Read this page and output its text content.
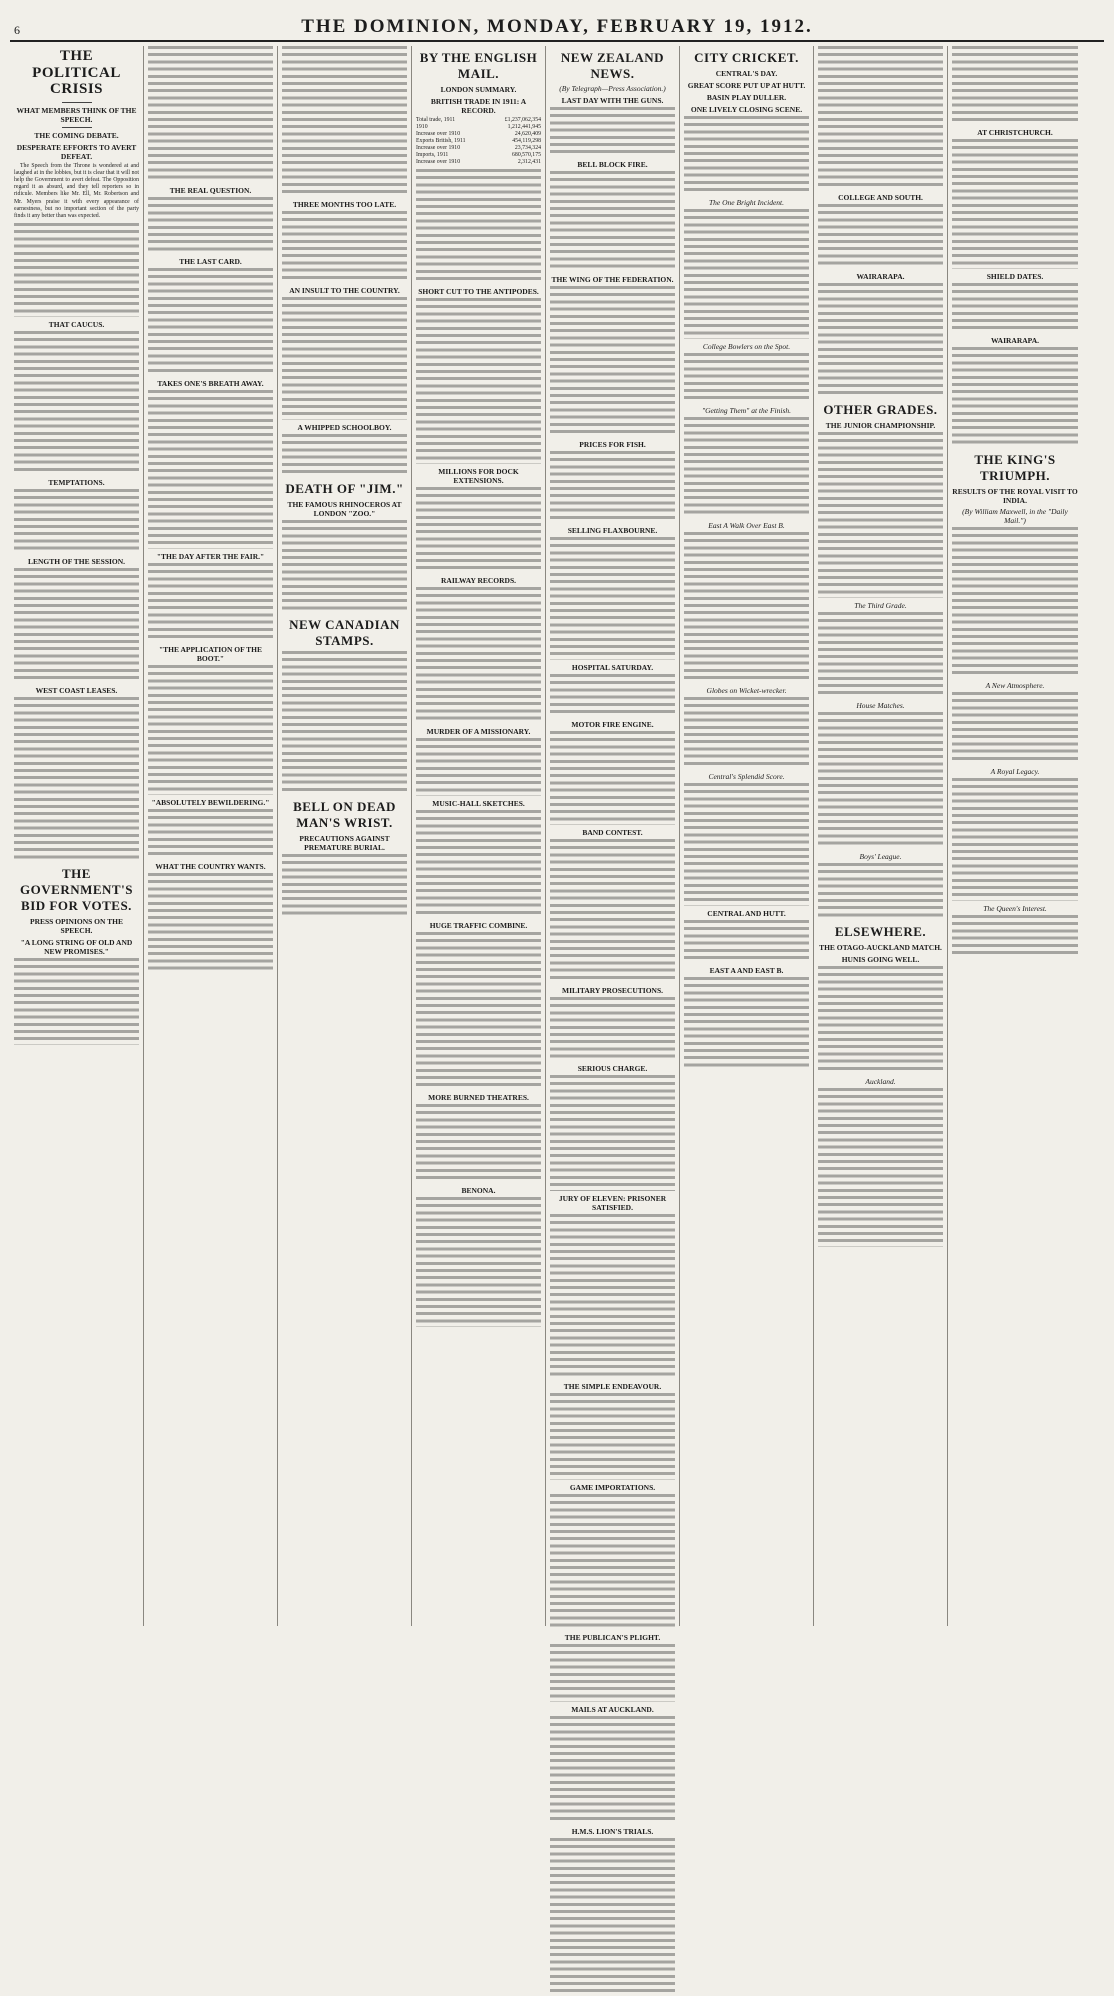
6	THE DOMINION, MONDAY, FEBRUARY 19, 1912.
THE POLITICAL CRISIS
WHAT MEMBERS THINK OF THE SPEECH.
THE COMING DEBATE.
DESPERATE EFFORTS TO AVERT DEFEAT.

The Speech from the Throne is wondered at and laughed at in the lobbies, but it is clear that it will not help the Government to avert defeat. The Opposition regard it as absurd, and they tell reporters so in ridicule. Members like Mr. Ell, Mr. Robertson and Mr. Myers praise it with every appearance of earnestness, but no important section of the party finds it any better than was expected.

THAT CAUCUS.

TEMPTATIONS.

LENGTH OF THE SESSION.

WEST COAST LEASES.

THE GOVERNMENT'S BID FOR VOTES.
PRESS OPINIONS ON THE SPEECH.
"A LONG STRING OF OLD AND NEW PROMISES."

THE REAL QUESTION.

THE LAST CARD.

TAKES ONE'S BREATH AWAY.

"THE DAY AFTER THE FAIR."

"THE APPLICATION OF THE BOOT."

"ABSOLUTELY BEWILDERING."

WHAT THE COUNTRY WANTS.

THREE MONTHS TOO LATE.

AN INSULT TO THE COUNTRY.

A WHIPPED SCHOOLBOY.

DEATH OF "JIM."
THE FAMOUS RHINOCEROS AT LONDON "ZOO."

NEW CANADIAN STAMPS.

BELL ON DEAD MAN'S WRIST.
PRECAUTIONS AGAINST PREMATURE BURIAL.

BY THE ENGLISH MAIL.
LONDON SUMMARY.
BRITISH TRADE IN 1911: A RECORD.
Total trade, 1911	£1,237,062,354
1910	1,212,441,945
Increase over 1910	24,620,409
Exports British, 1911	454,119,298
Increase over 1910	23,734,324
Imports, 1911	680,570,175
Increase over 1910	2,312,431

SHORT CUT TO THE ANTIPODES.

MILLIONS FOR DOCK EXTENSIONS.

RAILWAY RECORDS.

MURDER OF A MISSIONARY.

MUSIC-HALL SKETCHES.

HUGE TRAFFIC COMBINE.

MORE BURNED THEATRES.

BENONA.

NEW ZEALAND NEWS.
(By Telegraph—Press Association.)
LAST DAY WITH THE GUNS.

BELL BLOCK FIRE.

THE WING OF THE FEDERATION.

PRICES FOR FISH.

SELLING FLAXBOURNE.

HOSPITAL SATURDAY.

MOTOR FIRE ENGINE.

BAND CONTEST.

MILITARY PROSECUTIONS.

SERIOUS CHARGE.

JURY OF ELEVEN: PRISONER SATISFIED.

THE SIMPLE ENDEAVOUR.

GAME IMPORTATIONS.

THE PUBLICAN'S PLIGHT.

MAILS AT AUCKLAND.

H.M.S. LION'S TRIALS.

CITY CRICKET.
CENTRAL'S DAY.
GREAT SCORE PUT UP AT HUTT.
BASIN PLAY DULLER.
ONE LIVELY CLOSING SCENE.

The One Bright Incident.

College Bowlers on the Spot.

"Getting Them" at the Finish.

East A Walk Over East B.

Globes on Wicket-wrecker.

Central's Splendid Score.

CENTRAL AND HUTT.

EAST A AND EAST B.

COLLEGE AND SOUTH.

WAIRARAPA.

OTHER GRADES.
THE JUNIOR CHAMPIONSHIP.

The Third Grade.

House Matches.

Boys' League.

ELSEWHERE.
THE OTAGO-AUCKLAND MATCH.
HUNIS GOING WELL.

Auckland.

AT CHRISTCHURCH.

SHIELD DATES.

WAIRARAPA.

THE KING'S TRIUMPH.
RESULTS OF THE ROYAL VISIT TO INDIA.
(By William Maxwell, in the "Daily Mail.")

A New Atmosphere.

A Royal Legacy.

The Queen's Interest.
